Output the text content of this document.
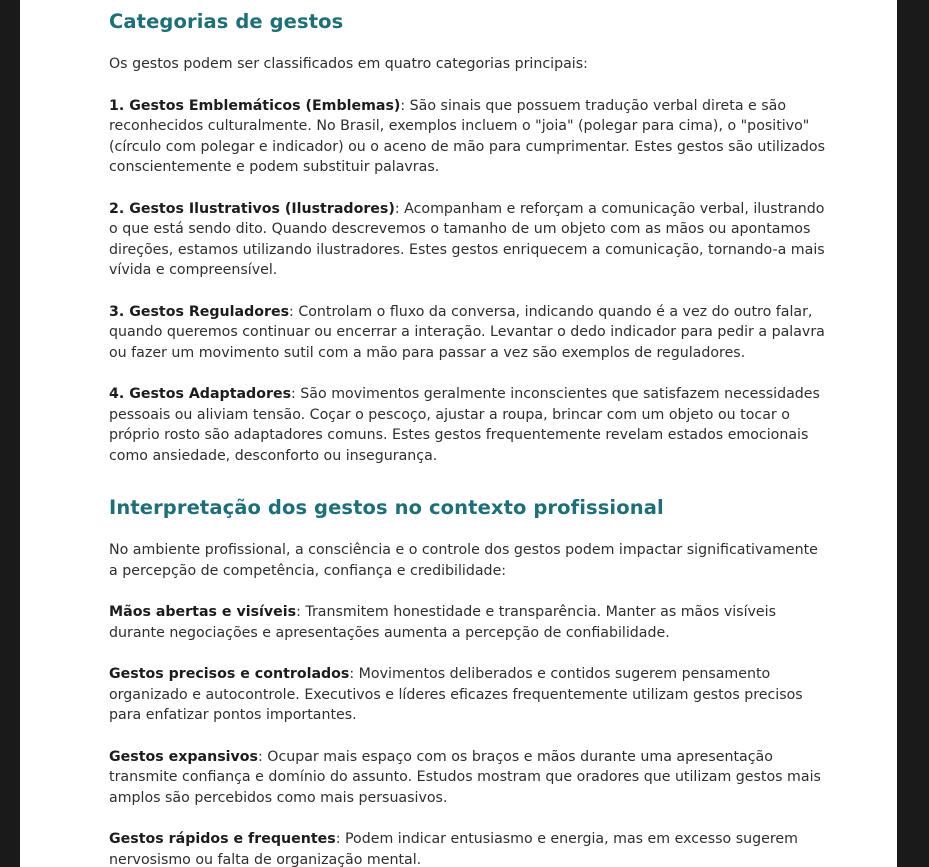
Categorias de gestos

Os gestos podem ser classificados em quatro categorias principais:

1. Gestos Emblemáticos (Emblemas): São sinais que possuem tradução verbal direta e são reconhecidos culturalmente. No Brasil, exemplos incluem o "joia" (polegar para cima), o "positivo" (círculo com polegar e indicador) ou o aceno de mão para cumprimentar. Estes gestos são utilizados conscientemente e podem substituir palavras.

2. Gestos Ilustrativos (Ilustradores): Acompanham e reforçam a comunicação verbal, ilustrando o que está sendo dito. Quando descrevemos o tamanho de um objeto com as mãos ou apontamos direções, estamos utilizando ilustradores. Estes gestos enriquecem a comunicação, tornando-a mais vívida e compreensível.

3. Gestos Reguladores: Controlam o fluxo da conversa, indicando quando é a vez do outro falar, quando queremos continuar ou encerrar a interação. Levantar o dedo indicador para pedir a palavra ou fazer um movimento sutil com a mão para passar a vez são exemplos de reguladores.

4. Gestos Adaptadores: São movimentos geralmente inconscientes que satisfazem necessidades pessoais ou aliviam tensão. Coçar o pescoço, ajustar a roupa, brincar com um objeto ou tocar o próprio rosto são adaptadores comuns. Estes gestos frequentemente revelam estados emocionais como ansiedade, desconforto ou insegurança.

Interpretação dos gestos no contexto profissional

No ambiente profissional, a consciência e o controle dos gestos podem impactar significativamente a percepção de competência, confiança e credibilidade:

Mãos abertas e visíveis: Transmitem honestidade e transparência. Manter as mãos visíveis durante negociações e apresentações aumenta a percepção de confiabilidade.

Gestos precisos e controlados: Movimentos deliberados e contidos sugerem pensamento organizado e autocontrole. Executivos e líderes eficazes frequentemente utilizam gestos precisos para enfatizar pontos importantes.

Gestos expansivos: Ocupar mais espaço com os braços e mãos durante uma apresentação transmite confiança e domínio do assunto. Estudos mostram que oradores que utilizam gestos mais amplos são percebidos como mais persuasivos.

Gestos rápidos e frequentes: Podem indicar entusiasmo e energia, mas em excesso sugerem nervosismo ou falta de organização mental.
